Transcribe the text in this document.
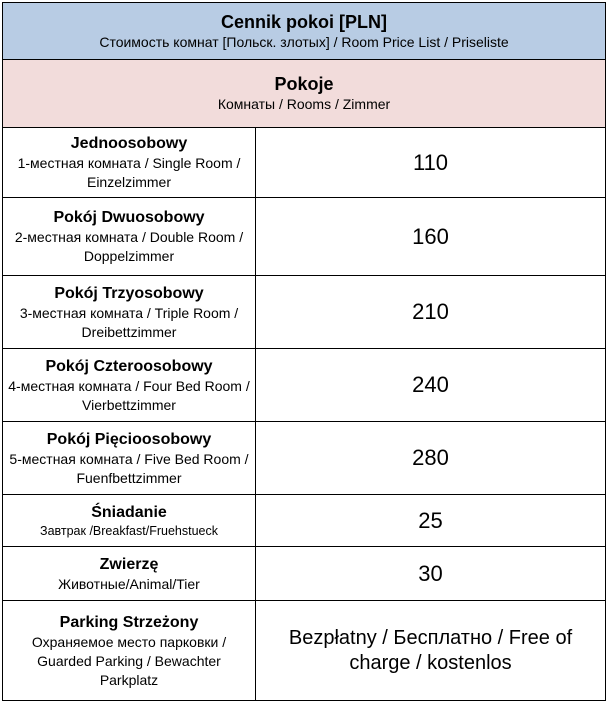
Cennik pokoi [PLN]
Стоимость комнат [Польск. злотых] / Room Price List / Priseliste	

Pokoje
Комнаты / Rooms / Zimmer	

Jednoosobowy
1-местная комната / Single Room / Einzelzimmer	110

Pokój Dwuosobowy
2-местная комната / Double Room / Doppelzimmer	160

Pokój Trzyosobowy
3-местная комната / Triple Room / Dreibettzimmer	210

Pokój Czteroosobowy
4-местная комната / Four Bed Room / Vierbettzimmer	240

Pokój Pięcioosobowy
5-местная комната / Five Bed Room / Fuenfbettzimmer	280

Śniadanie
Завтрак /Breakfast/Fruehstueck	25

Zwierzę
Животные/Animal/Tier	30

Parking Strzeżony
Охраняемое место парковки / Guarded Parking / Bewachter Parkplatz	Bezpłatny / Бесплатно / Free of charge / kostenlos
